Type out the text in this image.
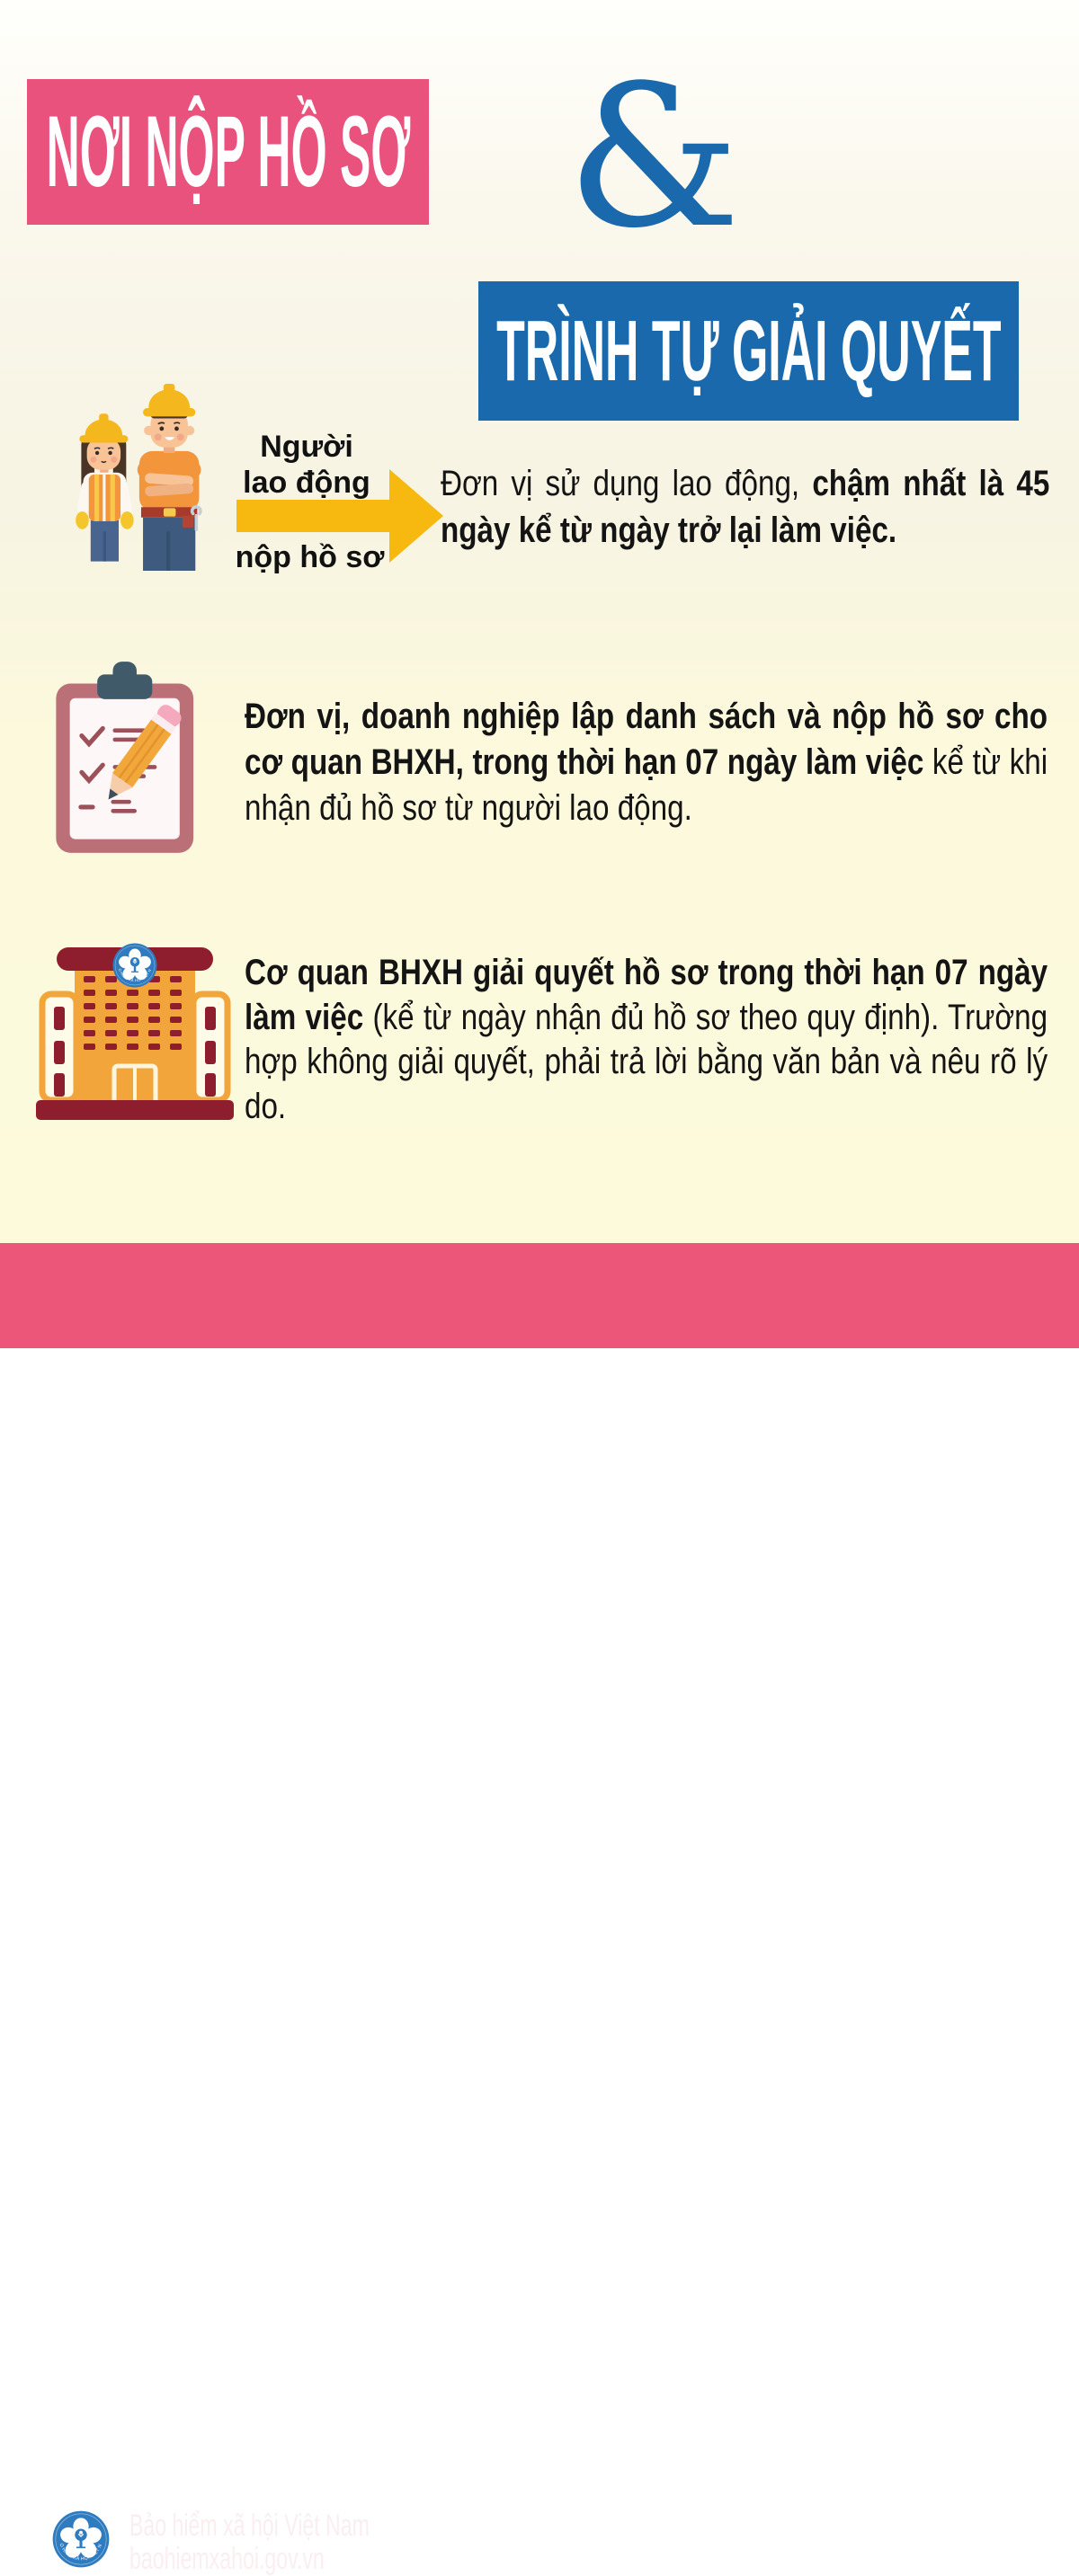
NƠI NỘP HỒ SƠ &
TRÌNH TỰ GIẢI QUYẾT
Người
lao động
nộp hồ sơ
Đơn vị sử dụng lao động, chậm nhất là 45 ngày kể từ ngày trở lại làm việc.
Đơn vị, doanh nghiệp lập danh sách và nộp hồ sơ cho cơ quan BHXH, trong thời hạn 07 ngày làm việc kể từ khi nhận đủ hồ sơ từ người lao động.
Cơ quan BHXH giải quyết hồ sơ trong thời hạn 07 ngày làm việc (kể từ ngày nhận đủ hồ sơ theo quy định). Trường hợp không giải quyết, phải trả lời bằng văn bản và nêu rõ lý do.
Bảo hiểm xã hội Việt Nam
baohiemxahoi.gov.vn
